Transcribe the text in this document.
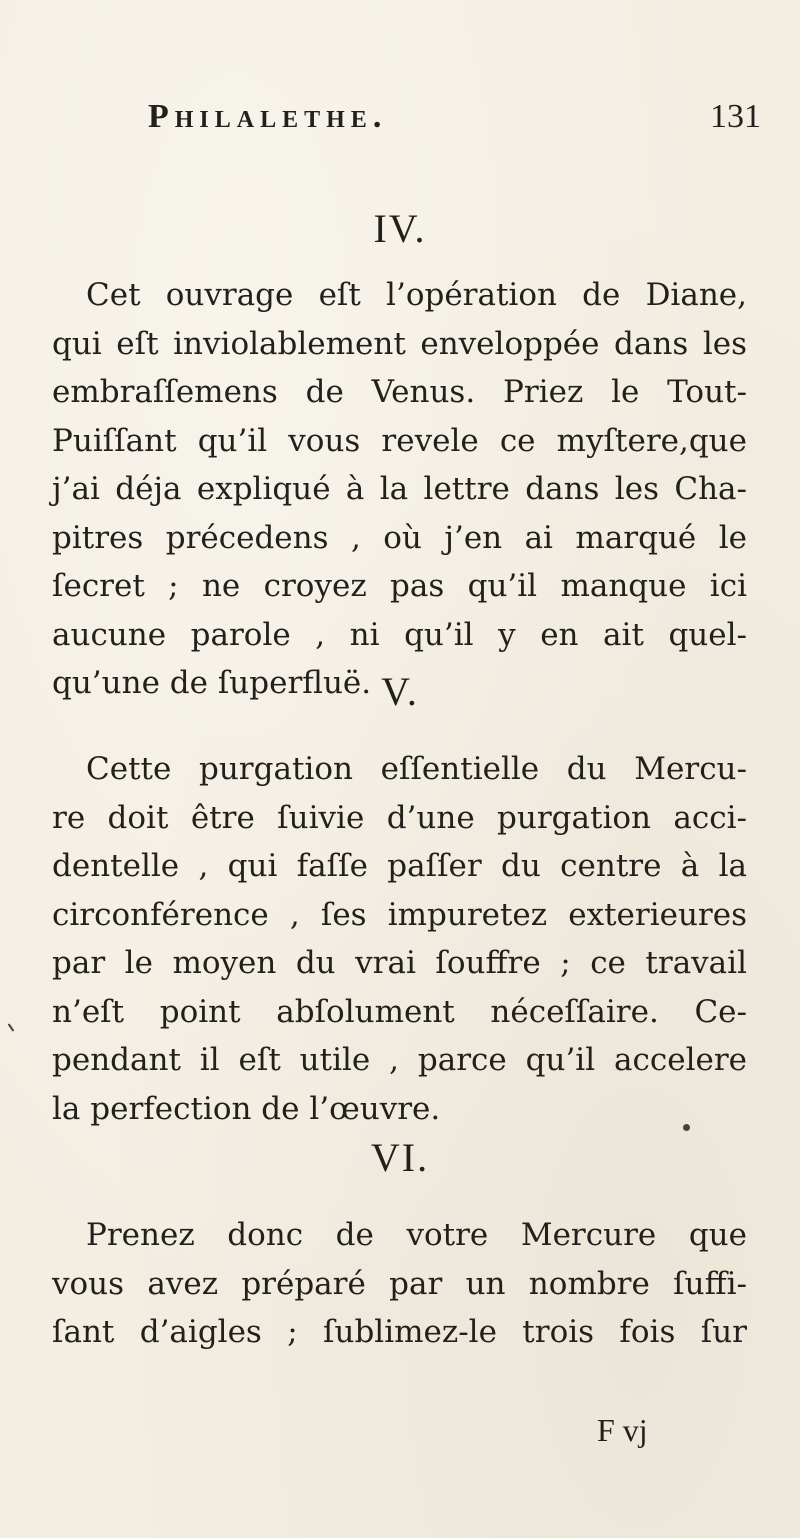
Philalethe.	131
IV.
Cet ouvrage eſt l’opération de Diane,
qui eſt inviolablement enveloppée dans les
embraſſemens de Venus. Priez le Tout-
Puiſſant qu’il vous revele ce myſtere,que
j’ai déja expliqué à la lettre dans les Cha-
pitres précedens , où j’en ai marqué le
ſecret ; ne croyez pas qu’il manque ici
aucune parole , ni qu’il y en ait quel-
qu’une de ſuperfluë. V.
Cette purgation eſſentielle du Mercu-
re doit être ſuivie d’une purgation acci-
dentelle , qui faſſe paſſer du centre à la
circonférence , ſes impuretez exterieures
par le moyen du vrai ſouffre ; ce travail
n’eſt point abſolument néceſſaire. Ce-
pendant il eſt utile , parce qu’il accelere
la perfection de l’œuvre.
VI.
Prenez donc de votre Mercure que
vous avez préparé par un nombre ſuffi-
ſant d’aigles ; ſublimez-le trois fois ſur
F vj
